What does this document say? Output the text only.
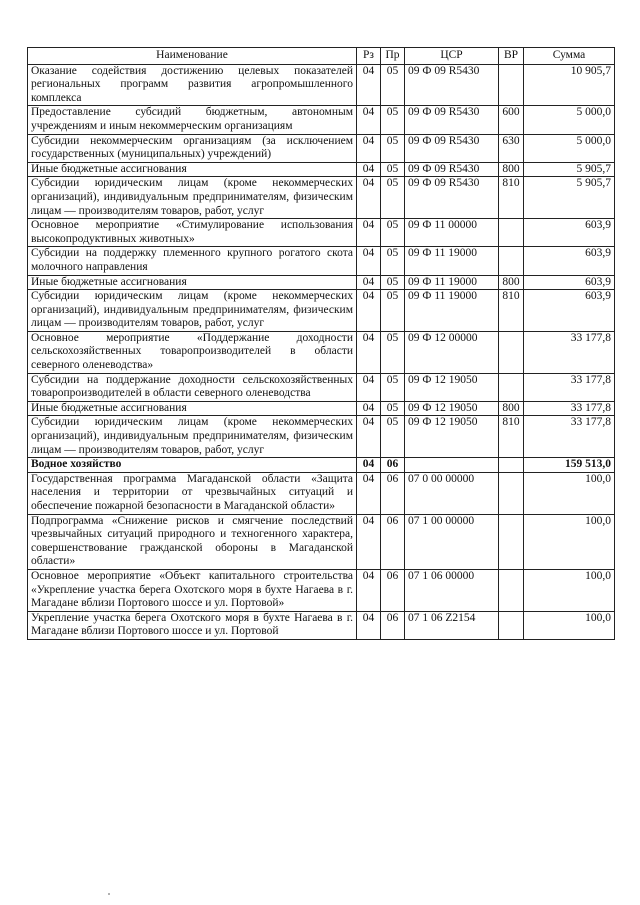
Наименование	Рз	Пр	ЦСР	ВР	Сумма
Оказание содействия достижению целевых показателей региональных программ развития агропромышленного комплекса	04	05	09 Ф 09 R5430		10 905,7
Предоставление субсидий бюджетным, автономным учреждениям и иным некоммерческим организациям	04	05	09 Ф 09 R5430	600	5 000,0
Субсидии некоммерческим организациям (за исключением государственных (муниципальных) учреждений)	04	05	09 Ф 09 R5430	630	5 000,0
Иные бюджетные ассигнования	04	05	09 Ф 09 R5430	800	5 905,7
Субсидии юридическим лицам (кроме некоммерческих организаций), индивидуальным предпринимателям, физическим лицам — производителям товаров, работ, услуг	04	05	09 Ф 09 R5430	810	5 905,7
Основное мероприятие «Стимулирование использования высокопродуктивных животных»	04	05	09 Ф 11 00000		603,9
Субсидии на поддержку племенного крупного рогатого скота молочного направления	04	05	09 Ф 11 19000		603,9
Иные бюджетные ассигнования	04	05	09 Ф 11 19000	800	603,9
Субсидии юридическим лицам (кроме некоммерческих организаций), индивидуальным предпринимателям, физическим лицам — производителям товаров, работ, услуг	04	05	09 Ф 11 19000	810	603,9
Основное мероприятие «Поддержание доходности сельскохозяйственных товаропроизводителей в области северного оленеводства»	04	05	09 Ф 12 00000		33 177,8
Субсидии на поддержание доходности сельскохозяйственных товаропроизводителей в области северного оленеводства	04	05	09 Ф 12 19050		33 177,8
Иные бюджетные ассигнования	04	05	09 Ф 12 19050	800	33 177,8
Субсидии юридическим лицам (кроме некоммерческих организаций), индивидуальным предпринимателям, физическим лицам — производителям товаров, работ, услуг	04	05	09 Ф 12 19050	810	33 177,8
Водное хозяйство	04	06			159 513,0
Государственная программа Магаданской области «Защита населения и территории от чрезвычайных ситуаций и обеспечение пожарной безопасности в Магаданской области»	04	06	07 0 00 00000		100,0
Подпрограмма «Снижение рисков и смягчение последствий чрезвычайных ситуаций природного и техногенного характера, совершенствование гражданской обороны в Магаданской области»	04	06	07 1 00 00000		100,0
Основное мероприятие «Объект капитального строительства «Укрепление участка берега Охотского моря в бухте Нагаева в г. Магадане вблизи Портового шоссе и ул. Портовой»	04	06	07 1 06 00000		100,0
Укрепление участка берега Охотского моря в бухте Нагаева в г. Магадане вблизи Портового шоссе и ул. Портовой	04	06	07 1 06 Z2154		100,0
